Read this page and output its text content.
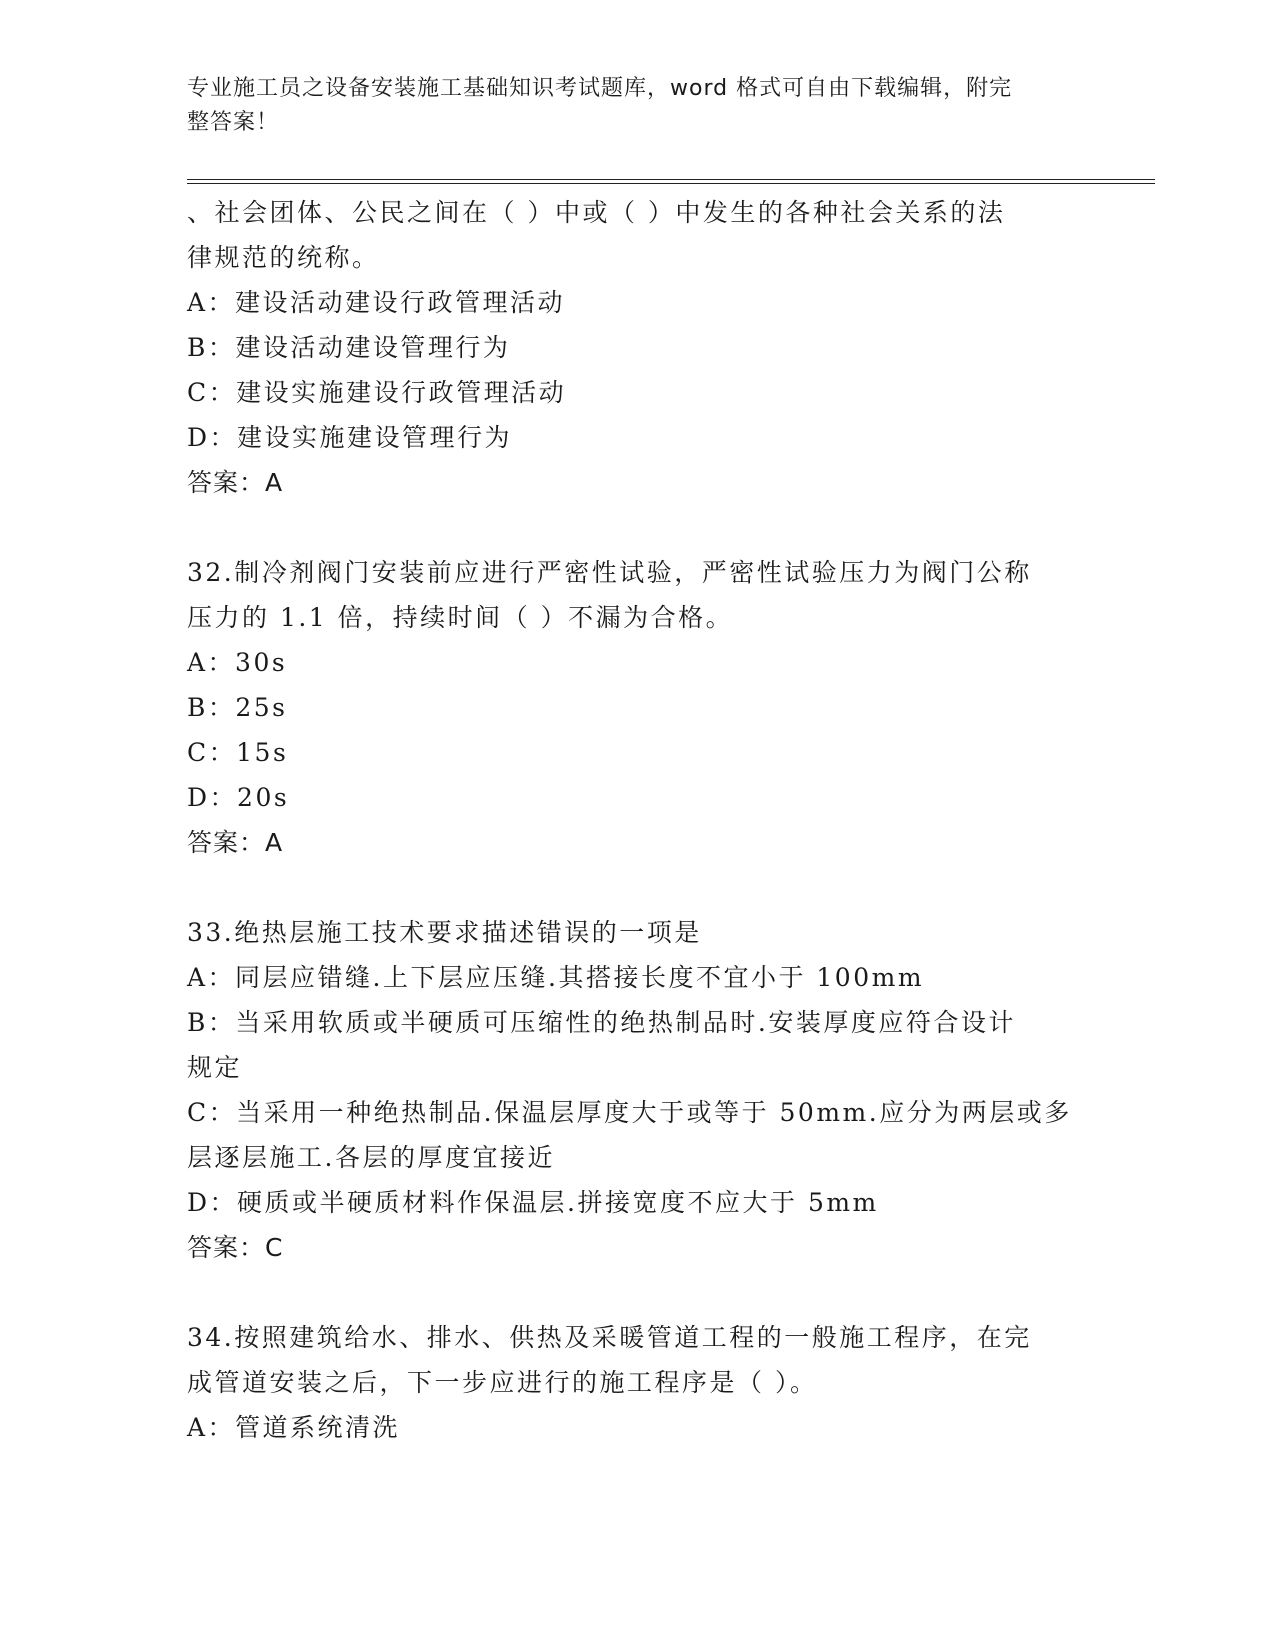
专业施工员之设备安装施工基础知识考试题库，word 格式可自由下载编辑，附完
整答案！
、社会团体、公民之间在（ ）中或（ ）中发生的各种社会关系的法
律规范的统称。
A：建设活动建设行政管理活动
B：建设活动建设管理行为
C：建设实施建设行政管理活动
D：建设实施建设管理行为
答案：A
32.制冷剂阀门安装前应进行严密性试验，严密性试验压力为阀门公称
压力的 1.1 倍，持续时间（ ）不漏为合格。
A：30s
B：25s
C：15s
D：20s
答案：A
33.绝热层施工技术要求描述错误的一项是
A：同层应错缝.上下层应压缝.其搭接长度不宜小于 100mm
B：当采用软质或半硬质可压缩性的绝热制品时.安装厚度应符合设计
规定
C：当采用一种绝热制品.保温层厚度大于或等于 50mm.应分为两层或多
层逐层施工.各层的厚度宜接近
D：硬质或半硬质材料作保温层.拼接宽度不应大于 5mm
答案：C
34.按照建筑给水、排水、供热及采暖管道工程的一般施工程序，在完
成管道安装之后，下一步应进行的施工程序是（ ）。
A：管道系统清洗
